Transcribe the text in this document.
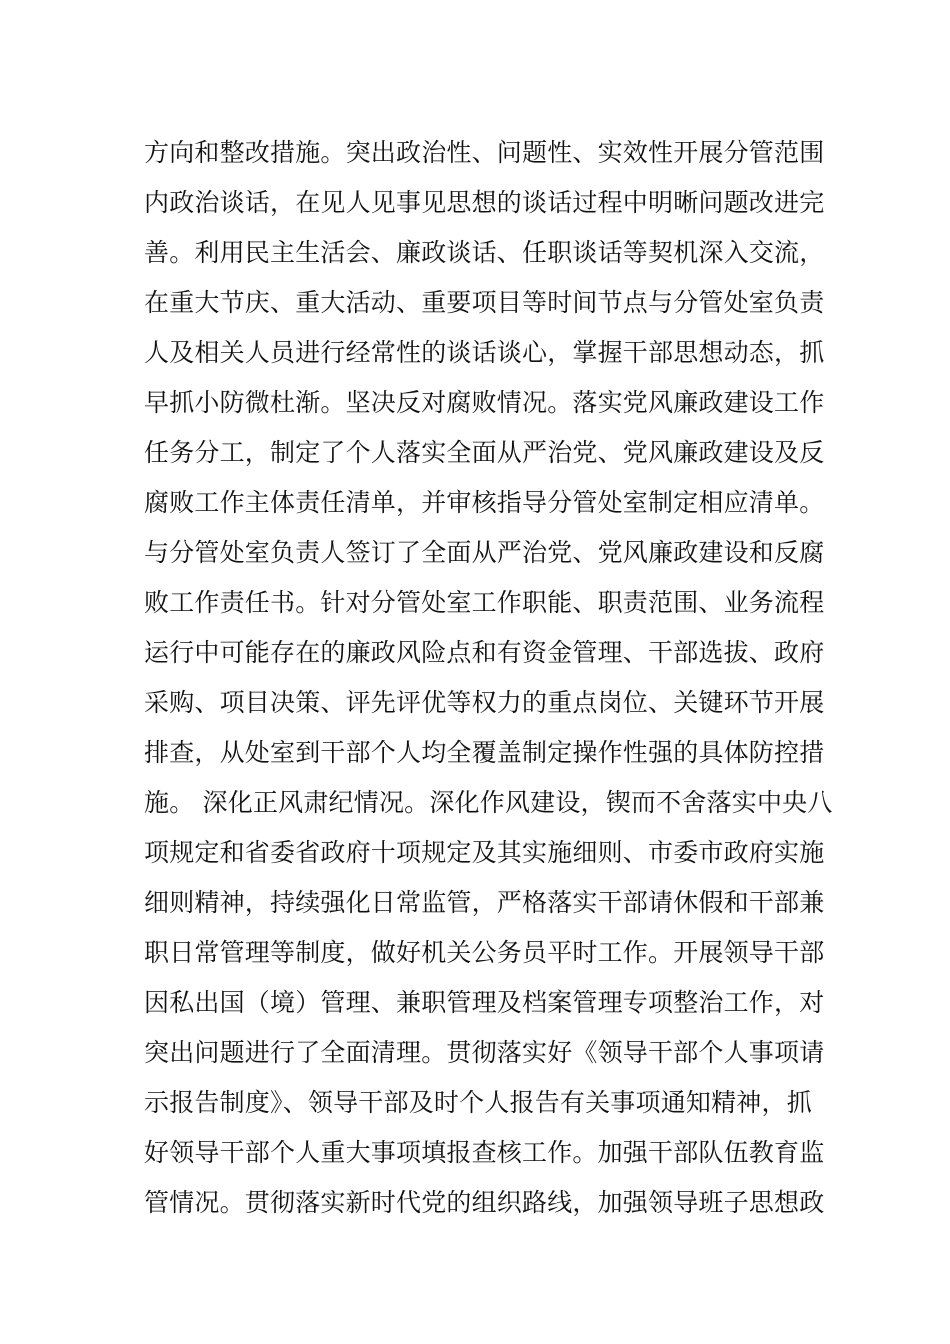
方向和整改措施。突出政治性、问题性、实效性开展分管范围
内政治谈话，在见人见事见思想的谈话过程中明晰问题改进完
善。利用民主生活会、廉政谈话、任职谈话等契机深入交流，
在重大节庆、重大活动、重要项目等时间节点与分管处室负责
人及相关人员进行经常性的谈话谈心，掌握干部思想动态，抓
早抓小防微杜渐。坚决反对腐败情况。落实党风廉政建设工作
任务分工，制定了个人落实全面从严治党、党风廉政建设及反
腐败工作主体责任清单，并审核指导分管处室制定相应清单。
与分管处室负责人签订了全面从严治党、党风廉政建设和反腐
败工作责任书。针对分管处室工作职能、职责范围、业务流程
运行中可能存在的廉政风险点和有资金管理、干部选拔、政府
采购、项目决策、评先评优等权力的重点岗位、关键环节开展
排查，从处室到干部个人均全覆盖制定操作性强的具体防控措
施。 深化正风肃纪情况。深化作风建设，锲而不舍落实中央八
项规定和省委省政府十项规定及其实施细则、市委市政府实施
细则精神，持续强化日常监管，严格落实干部请休假和干部兼
职日常管理等制度，做好机关公务员平时工作。开展领导干部
因私出国（境）管理、兼职管理及档案管理专项整治工作，对
突出问题进行了全面清理。贯彻落实好《领导干部个人事项请
示报告制度》、领导干部及时个人报告有关事项通知精神，抓
好领导干部个人重大事项填报查核工作。加强干部队伍教育监
管情况。贯彻落实新时代党的组织路线，加强领导班子思想政
